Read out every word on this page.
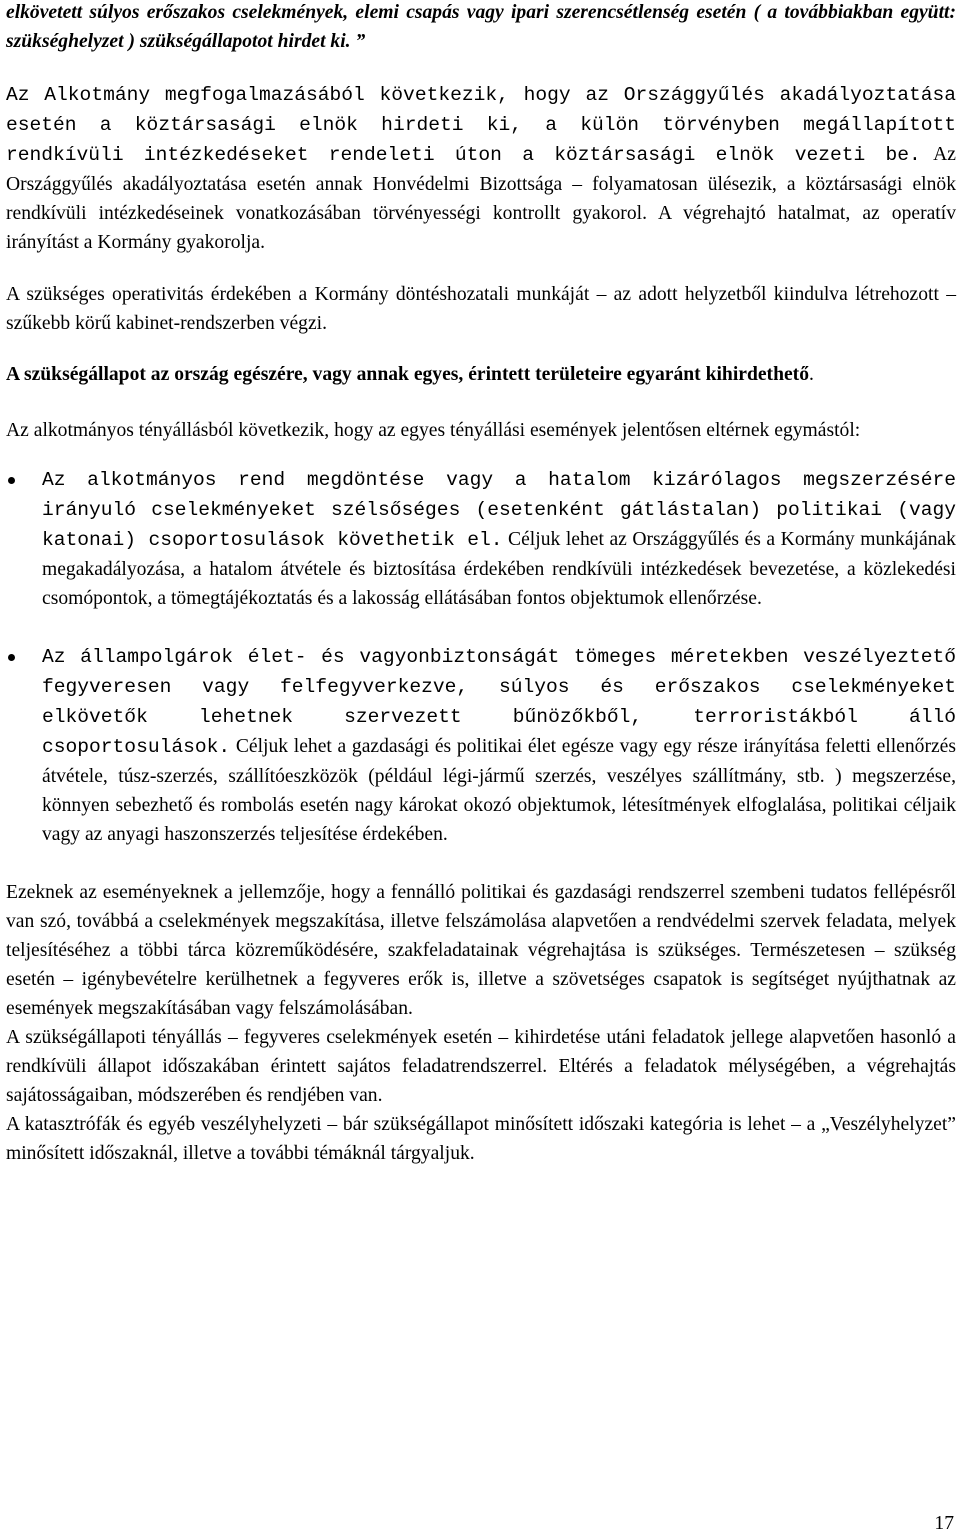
elkövetett súlyos erőszakos cselekmények, elemi csapás vagy ipari szerencsétlenség esetén ( a továbbiakban együtt: szükséghelyzet ) szükségállapotot hirdet ki. ”

Az Alkotmány megfogalmazásából következik, hogy az Országgyűlés akadályoztatása esetén a köztársasági elnök hirdeti ki, a külön törvényben megállapított rendkívüli intézkedéseket rendeleti úton a köztársasági elnök vezeti be. Az Országgyűlés akadályoztatása esetén annak Honvédelmi Bizottsága – folyamatosan ülésezik, a köztársasági elnök rendkívüli intézkedéseinek vonatkozásában törvényességi kontrollt gyakorol. A végrehajtó hatalmat, az operatív irányítást a Kormány gyakorolja.

A szükséges operativitás érdekében a Kormány döntéshozatali munkáját – az adott helyzetből kiindulva létrehozott – szűkebb körű kabinet-rendszerben végzi.

A szükségállapot az ország egészére, vagy annak egyes, érintett területeire egyaránt kihirdethető.

Az alkotmányos tényállásból következik, hogy az egyes tényállási események jelentősen eltérnek egymástól:

Az alkotmányos rend megdöntése vagy a hatalom kizárólagos megszerzésére irányuló cselekményeket szélsőséges (esetenként gátlástalan) politikai (vagy katonai) csoportosulások követhetik el. Céljuk lehet az Országgyűlés és a Kormány munkájának megakadályozása, a hatalom átvétele és biztosítása érdekében rendkívüli intézkedések bevezetése, a közlekedési csomópontok, a tömegtájékoztatás és a lakosság ellátásában fontos objektumok ellenőrzése.
Az állampolgárok élet- és vagyonbiztonságát tömeges méretekben veszélyeztető fegyveresen vagy felfegyverkezve, súlyos és erőszakos cselekményeket elkövetők lehetnek szervezett bűnözőkből, terroristákból álló csoportosulások. Céljuk lehet a gazdasági és politikai élet egésze vagy egy része irányítása feletti ellenőrzés átvétele, túsz-szerzés, szállítóeszközök (például légi-jármű szerzés, veszélyes szállítmány, stb. ) megszerzése, könnyen sebezhető és rombolás esetén nagy károkat okozó objektumok, létesítmények elfoglalása, politikai céljaik vagy az anyagi haszonszerzés teljesítése érdekében.

Ezeknek az eseményeknek a jellemzője, hogy a fennálló politikai és gazdasági rendszerrel szembeni tudatos fellépésről van szó, továbbá a cselekmények megszakítása, illetve felszámolása alapvetően a rendvédelmi szervek feladata, melyek teljesítéséhez a többi tárca közreműködésére, szakfeladatainak végrehajtása is szükséges. Természetesen – szükség esetén – igénybevételre kerülhetnek a fegyveres erők is, illetve a szövetséges csapatok is segítséget nyújthatnak az események megszakításában vagy felszámolásában.

A szükségállapoti tényállás – fegyveres cselekmények esetén – kihirdetése utáni feladatok jellege alapvetően hasonló a rendkívüli állapot időszakában érintett sajátos feladatrendszerrel. Eltérés a feladatok mélységében, a végrehajtás sajátosságaiban, módszerében és rendjében van.

A katasztrófák és egyéb veszélyhelyzeti – bár szükségállapot minősített időszaki kategória is lehet – a „Veszélyhelyzet” minősített időszaknál, illetve a további témáknál tárgyaljuk.

17
